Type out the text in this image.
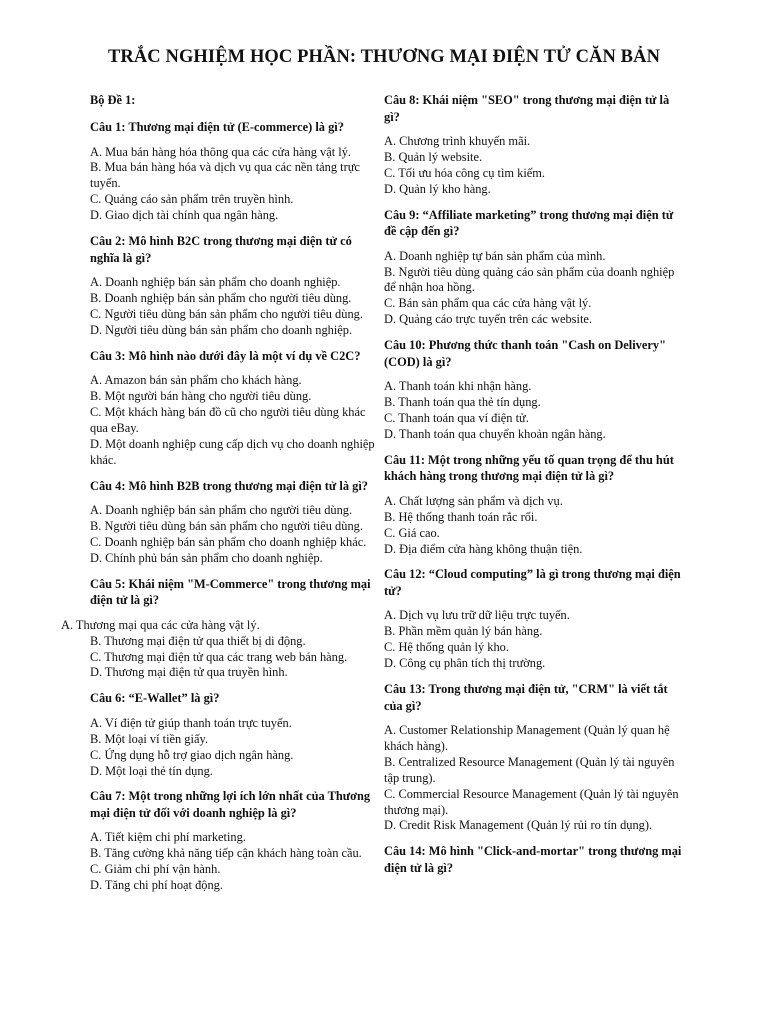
TRẮC NGHIỆM HỌC PHẦN: THƯƠNG MẠI ĐIỆN TỬ CĂN BẢN
Bộ Đề 1:
Câu 1: Thương mại điện tử (E-commerce) là gì?
A. Mua bán hàng hóa thông qua các cửa hàng vật lý.
B. Mua bán hàng hóa và dịch vụ qua các nền tảng trực tuyến.
C. Quảng cáo sản phẩm trên truyền hình.
D. Giao dịch tài chính qua ngân hàng.
Câu 2: Mô hình B2C trong thương mại điện tử có nghĩa là gì?
A. Doanh nghiệp bán sản phẩm cho doanh nghiệp.
B. Doanh nghiệp bán sản phẩm cho người tiêu dùng.
C. Người tiêu dùng bán sản phẩm cho người tiêu dùng.
D. Người tiêu dùng bán sản phẩm cho doanh nghiệp.
Câu 3: Mô hình nào dưới đây là một ví dụ về C2C?
A. Amazon bán sản phẩm cho khách hàng.
B. Một người bán hàng cho người tiêu dùng.
C. Một khách hàng bán đồ cũ cho người tiêu dùng khác qua eBay.
D. Một doanh nghiệp cung cấp dịch vụ cho doanh nghiệp khác.
Câu 4: Mô hình B2B trong thương mại điện tử là gì?
A. Doanh nghiệp bán sản phẩm cho người tiêu dùng.
B. Người tiêu dùng bán sản phẩm cho người tiêu dùng.
C. Doanh nghiệp bán sản phẩm cho doanh nghiệp khác.
D. Chính phủ bán sản phẩm cho doanh nghiệp.
Câu 5: Khái niệm "M-Commerce" trong thương mại điện tử là gì?
A. Thương mại qua các cửa hàng vật lý.
B. Thương mại điện tử qua thiết bị di động.
C. Thương mại điện tử qua các trang web bán hàng.
D. Thương mại điện tử qua truyền hình.
Câu 6: “E-Wallet” là gì?
A. Ví điện tử giúp thanh toán trực tuyến.
B. Một loại ví tiền giấy.
C. Ứng dụng hỗ trợ giao dịch ngân hàng.
D. Một loại thẻ tín dụng.
Câu 7: Một trong những lợi ích lớn nhất của Thương mại điện tử đối với doanh nghiệp là gì?
A. Tiết kiệm chi phí marketing.
B. Tăng cường khả năng tiếp cận khách hàng toàn cầu.
C. Giảm chi phí vận hành.
D. Tăng chi phí hoạt động.
Câu 8: Khái niệm "SEO" trong thương mại điện tử là gì?
A. Chương trình khuyến mãi.
B. Quản lý website.
C. Tối ưu hóa công cụ tìm kiếm.
D. Quản lý kho hàng.
Câu 9: “Affiliate marketing” trong thương mại điện tử đề cập đến gì?
A. Doanh nghiệp tự bán sản phẩm của mình.
B. Người tiêu dùng quảng cáo sản phẩm của doanh nghiệp để nhận hoa hồng.
C. Bán sản phẩm qua các cửa hàng vật lý.
D. Quảng cáo trực tuyến trên các website.
Câu 10: Phương thức thanh toán "Cash on Delivery" (COD) là gì?
A. Thanh toán khi nhận hàng.
B. Thanh toán qua thẻ tín dụng.
C. Thanh toán qua ví điện tử.
D. Thanh toán qua chuyển khoản ngân hàng.
Câu 11: Một trong những yếu tố quan trọng để thu hút khách hàng trong thương mại điện tử là gì?
A. Chất lượng sản phẩm và dịch vụ.
B. Hệ thống thanh toán rắc rối.
C. Giá cao.
D. Địa điểm cửa hàng không thuận tiện.
Câu 12: “Cloud computing” là gì trong thương mại điện tử?
A. Dịch vụ lưu trữ dữ liệu trực tuyến.
B. Phần mềm quản lý bán hàng.
C. Hệ thống quản lý kho.
D. Công cụ phân tích thị trường.
Câu 13: Trong thương mại điện tử, "CRM" là viết tắt của gì?
A. Customer Relationship Management (Quản lý quan hệ khách hàng).
B. Centralized Resource Management (Quản lý tài nguyên tập trung).
C. Commercial Resource Management (Quản lý tài nguyên thương mại).
D. Credit Risk Management (Quản lý rủi ro tín dụng).
Câu 14: Mô hình "Click-and-mortar" trong thương mại điện tử là gì?
